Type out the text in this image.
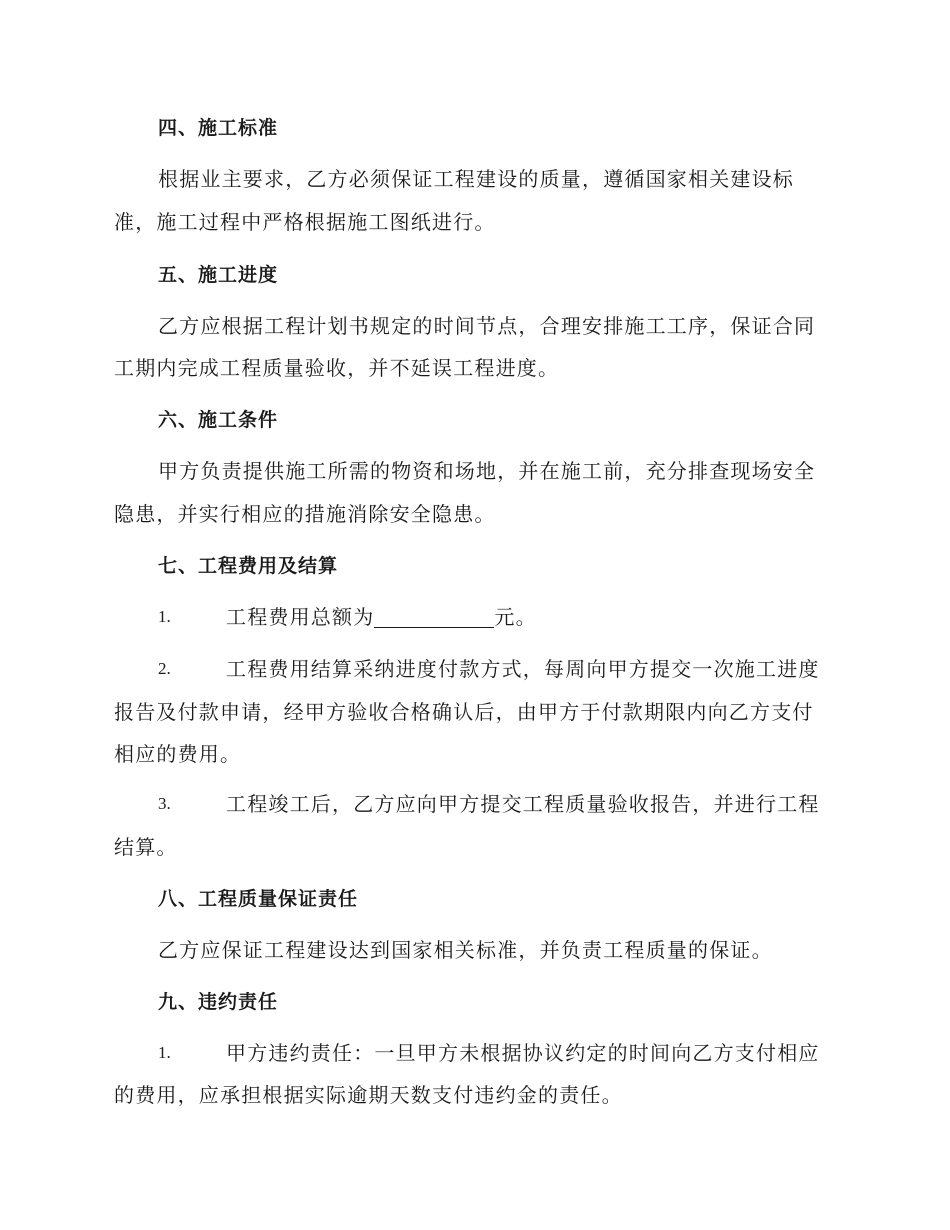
四、施工标准
根据业主要求，乙方必须保证工程建设的质量，遵循国家相关建设标
准，施工过程中严格根据施工图纸进行。
五、施工进度
乙方应根据工程计划书规定的时间节点，合理安排施工工序，保证合同
工期内完成工程质量验收，并不延误工程进度。
六、施工条件
甲方负责提供施工所需的物资和场地，并在施工前，充分排查现场安全
隐患，并实行相应的措施消除安全隐患。
七、工程费用及结算
1.	工程费用总额为	元。
2.	工程费用结算采纳进度付款方式，每周向甲方提交一次施工进度
报告及付款申请，经甲方验收合格确认后，由甲方于付款期限内向乙方支付
相应的费用。
3.	工程竣工后，乙方应向甲方提交工程质量验收报告，并进行工程
结算。
八、工程质量保证责任
乙方应保证工程建设达到国家相关标准，并负责工程质量的保证。
九、违约责任
1.	甲方违约责任：一旦甲方未根据协议约定的时间向乙方支付相应
的费用，应承担根据实际逾期天数支付违约金的责任。
